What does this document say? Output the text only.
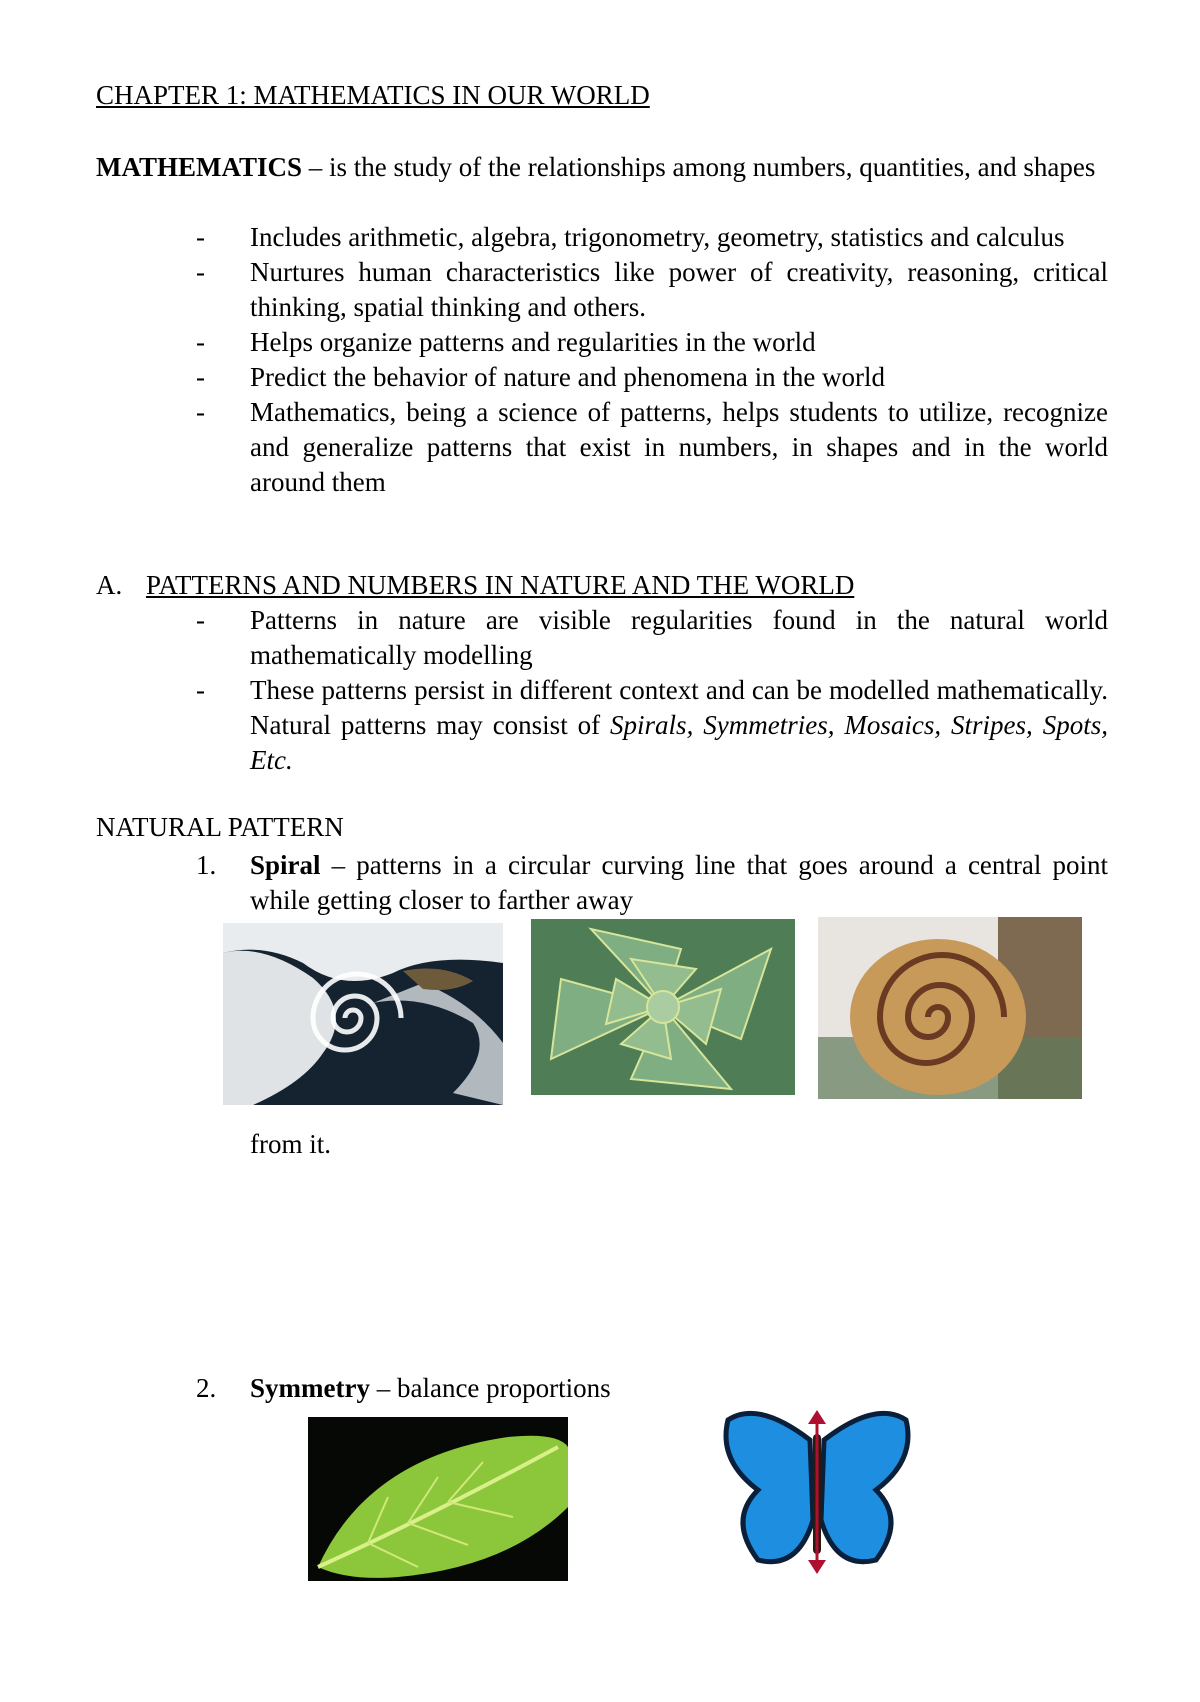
CHAPTER 1: MATHEMATICS IN OUR WORLD
MATHEMATICS – is the study of the relationships among numbers, quantities, and shapes
- Includes arithmetic, algebra, trigonometry, geometry, statistics and calculus
- Nurtures human characteristics like power of creativity, reasoning, critical thinking, spatial thinking and others.
- Helps organize patterns and regularities in the world
- Predict the behavior of nature and phenomena in the world
- Mathematics, being a science of patterns, helps students to utilize, recognize and generalize patterns that exist in numbers, in shapes and in the world around them
A. PATTERNS AND NUMBERS IN NATURE AND THE WORLD
- Patterns in nature are visible regularities found in the natural world mathematically modelling
- These patterns persist in different context and can be modelled mathematically. Natural patterns may consist of Spirals, Symmetries, Mosaics, Stripes, Spots, Etc.
NATURAL PATTERN
1. Spiral – patterns in a circular curving line that goes around a central point while getting closer to farther away
from it.
2. Symmetry – balance proportions
